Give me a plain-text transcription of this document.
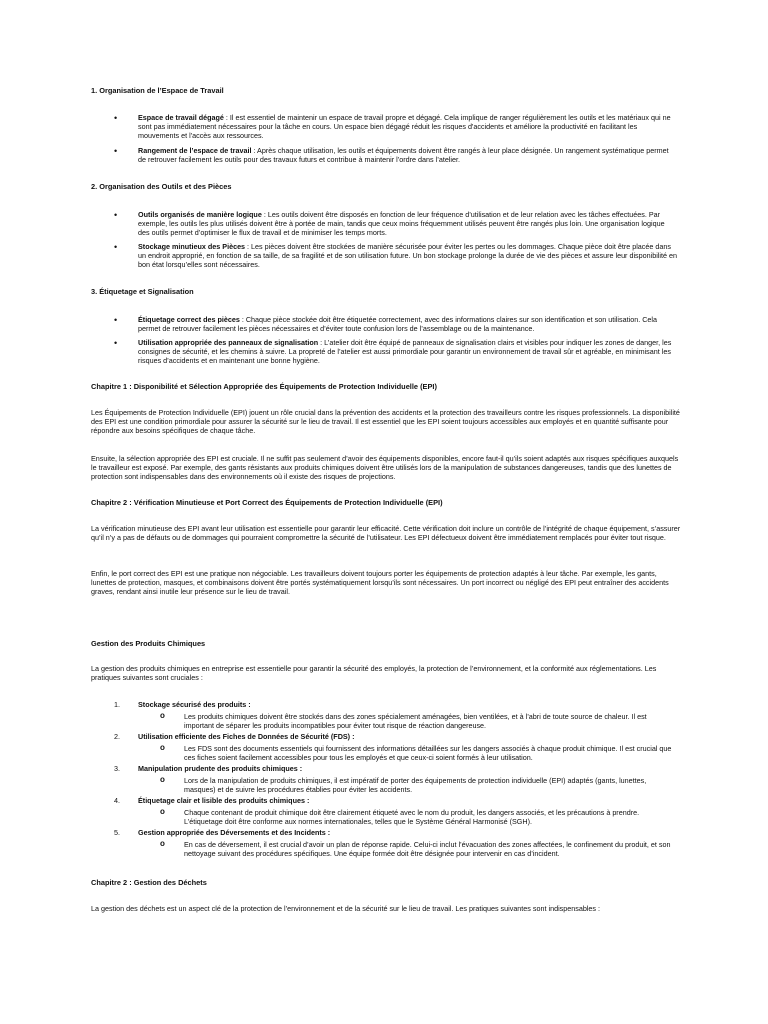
1. Organisation de l’Espace de Travail
•	Espace de travail dégagé : Il est essentiel de maintenir un espace de travail propre et dégagé. Cela implique de ranger régulièrement les outils et les matériaux qui ne sont pas immédiatement nécessaires pour la tâche en cours. Un espace bien dégagé réduit les risques d'accidents et améliore la productivité en facilitant les mouvements et l'accès aux ressources.
•	Rangement de l’espace de travail : Après chaque utilisation, les outils et équipements doivent être rangés à leur place désignée. Un rangement systématique permet de retrouver facilement les outils pour des travaux futurs et contribue à maintenir l’ordre dans l’atelier.
2. Organisation des Outils et des Pièces
•	Outils organisés de manière logique : Les outils doivent être disposés en fonction de leur fréquence d’utilisation et de leur relation avec les tâches effectuées. Par exemple, les outils les plus utilisés doivent être à portée de main, tandis que ceux moins fréquemment utilisés peuvent être rangés plus loin. Une organisation logique des outils permet d’optimiser le flux de travail et de minimiser les temps morts.
•	Stockage minutieux des Pièces : Les pièces doivent être stockées de manière sécurisée pour éviter les pertes ou les dommages. Chaque pièce doit être placée dans un endroit approprié, en fonction de sa taille, de sa fragilité et de son utilisation future. Un bon stockage prolonge la durée de vie des pièces et assure leur disponibilité en bon état lorsqu’elles sont nécessaires.
3. Étiquetage et Signalisation
•	Étiquetage correct des pièces : Chaque pièce stockée doit être étiquetée correctement, avec des informations claires sur son identification et son utilisation. Cela permet de retrouver facilement les pièces nécessaires et d’éviter toute confusion lors de l’assemblage ou de la maintenance.
•	Utilisation appropriée des panneaux de signalisation : L’atelier doit être équipé de panneaux de signalisation clairs et visibles pour indiquer les zones de danger, les consignes de sécurité, et les chemins à suivre. La propreté de l’atelier est aussi primordiale pour garantir un environnement de travail sûr et agréable, en minimisant les risques d’accidents et en maintenant une bonne hygiène.
Chapitre 1 : Disponibilité et Sélection Appropriée des Équipements de Protection Individuelle (EPI)
Les Équipements de Protection Individuelle (EPI) jouent un rôle crucial dans la prévention des accidents et la protection des travailleurs contre les risques professionnels. La disponibilité des EPI est une condition primordiale pour assurer la sécurité sur le lieu de travail. Il est essentiel que les EPI soient toujours accessibles aux employés et en quantité suffisante pour répondre aux besoins spécifiques de chaque tâche.
Ensuite, la sélection appropriée des EPI est cruciale. Il ne suffit pas seulement d’avoir des équipements disponibles, encore faut-il qu’ils soient adaptés aux risques spécifiques auxquels le travailleur est exposé. Par exemple, des gants résistants aux produits chimiques doivent être utilisés lors de la manipulation de substances dangereuses, tandis que des lunettes de protection sont indispensables dans des environnements où il existe des risques de projections.
Chapitre 2 : Vérification Minutieuse et Port Correct des Équipements de Protection Individuelle (EPI)
La vérification minutieuse des EPI avant leur utilisation est essentielle pour garantir leur efficacité. Cette vérification doit inclure un contrôle de l’intégrité de chaque équipement, s’assurer qu’il n’y a pas de défauts ou de dommages qui pourraient compromettre la sécurité de l’utilisateur. Les EPI défectueux doivent être immédiatement remplacés pour éviter tout risque.
Enfin, le port correct des EPI est une pratique non négociable. Les travailleurs doivent toujours porter les équipements de protection adaptés à leur tâche. Par exemple, les gants, lunettes de protection, masques, et combinaisons doivent être portés systématiquement lorsqu’ils sont nécessaires. Un port incorrect ou négligé des EPI peut entraîner des accidents graves, rendant ainsi inutile leur présence sur le lieu de travail.
Gestion des Produits Chimiques
La gestion des produits chimiques en entreprise est essentielle pour garantir la sécurité des employés, la protection de l’environnement, et la conformité aux réglementations. Les pratiques suivantes sont cruciales :
1.	Stockage sécurisé des produits :
o	Les produits chimiques doivent être stockés dans des zones spécialement aménagées, bien ventilées, et à l’abri de toute source de chaleur. Il est important de séparer les produits incompatibles pour éviter tout risque de réaction dangereuse.
2.	Utilisation efficiente des Fiches de Données de Sécurité (FDS) :
o	Les FDS sont des documents essentiels qui fournissent des informations détaillées sur les dangers associés à chaque produit chimique. Il est crucial que ces fiches soient facilement accessibles pour tous les employés et que ceux-ci soient formés à leur utilisation.
3.	Manipulation prudente des produits chimiques :
o	Lors de la manipulation de produits chimiques, il est impératif de porter des équipements de protection individuelle (EPI) adaptés (gants, lunettes, masques) et de suivre les procédures établies pour éviter les accidents.
4.	Étiquetage clair et lisible des produits chimiques :
o	Chaque contenant de produit chimique doit être clairement étiqueté avec le nom du produit, les dangers associés, et les précautions à prendre. L’étiquetage doit être conforme aux normes internationales, telles que le Système Général Harmonisé (SGH).
5.	Gestion appropriée des Déversements et des Incidents :
o	En cas de déversement, il est crucial d’avoir un plan de réponse rapide. Celui-ci inclut l’évacuation des zones affectées, le confinement du produit, et son nettoyage suivant des procédures spécifiques. Une équipe formée doit être désignée pour intervenir en cas d’incident.
Chapitre 2 : Gestion des Déchets
La gestion des déchets est un aspect clé de la protection de l’environnement et de la sécurité sur le lieu de travail. Les pratiques suivantes sont indispensables :
